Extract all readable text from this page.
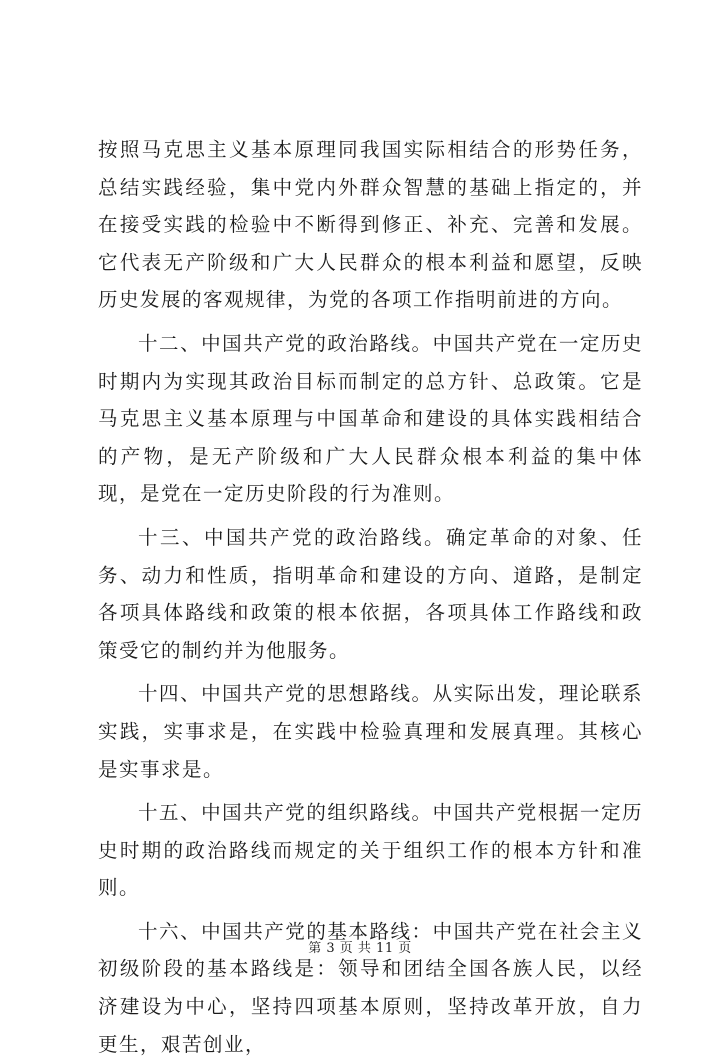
按照马克思主义基本原理同我国实际相结合的形势任务，总结实践经验，集中党内外群众智慧的基础上指定的，并在接受实践的检验中不断得到修正、补充、完善和发展。它代表无产阶级和广大人民群众的根本利益和愿望，反映历史发展的客观规律，为党的各项工作指明前进的方向。

十二、中国共产党的政治路线。中国共产党在一定历史时期内为实现其政治目标而制定的总方针、总政策。它是马克思主义基本原理与中国革命和建设的具体实践相结合的产物，是无产阶级和广大人民群众根本利益的集中体现，是党在一定历史阶段的行为准则。

十三、中国共产党的政治路线。确定革命的对象、任务、动力和性质，指明革命和建设的方向、道路，是制定各项具体路线和政策的根本依据，各项具体工作路线和政策受它的制约并为他服务。

十四、中国共产党的思想路线。从实际出发，理论联系实践，实事求是，在实践中检验真理和发展真理。其核心是实事求是。

十五、中国共产党的组织路线。中国共产党根据一定历史时期的政治路线而规定的关于组织工作的根本方针和准则。

十六、中国共产党的基本路线：中国共产党在社会主义初级阶段的基本路线是：领导和团结全国各族人民，以经济建设为中心，坚持四项基本原则，坚持改革开放，自力更生，艰苦创业，

第 3 页 共 11 页
